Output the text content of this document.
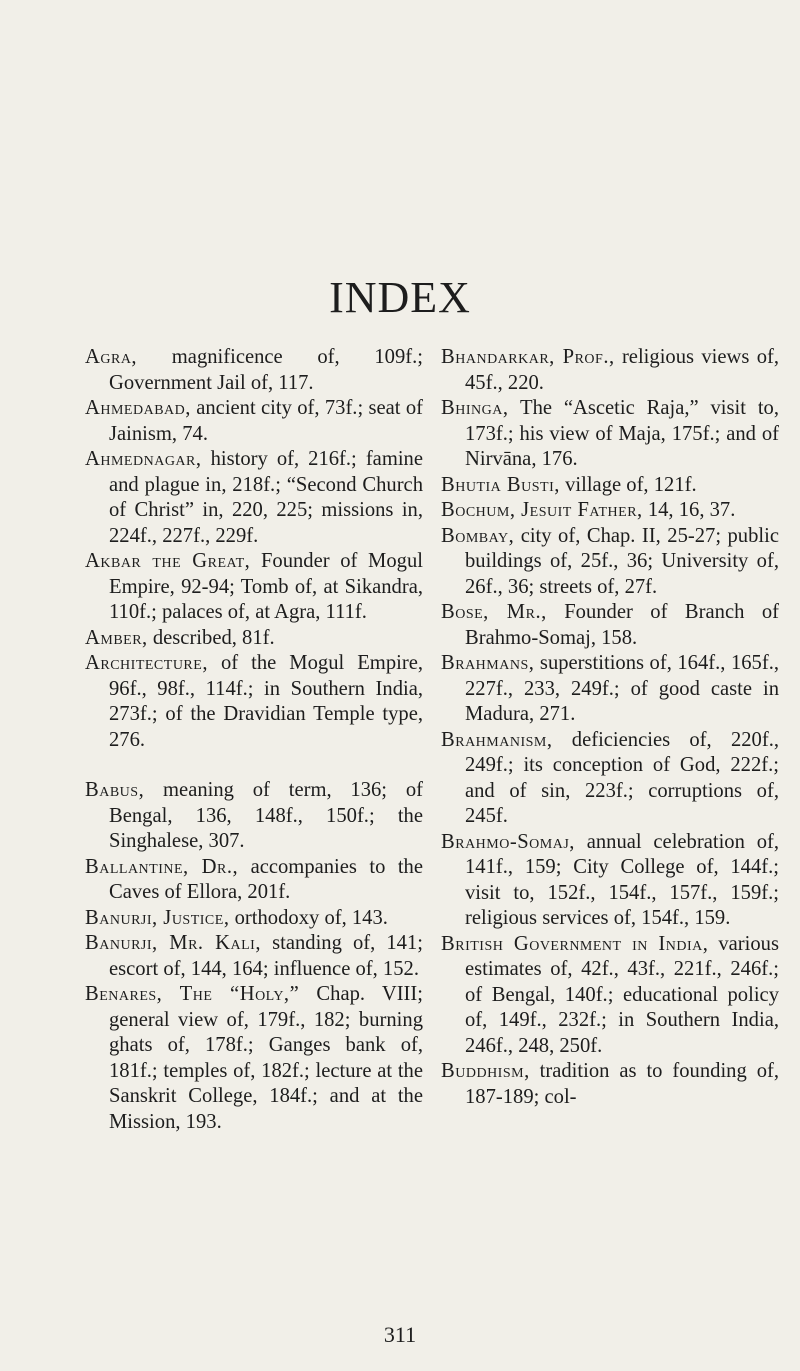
INDEX

Agra, magnificence of, 109f.; Government Jail of, 117.

Ahmedabad, ancient city of, 73f.; seat of Jainism, 74.

Ahmednagar, history of, 216f.; famine and plague in, 218f.; “Second Church of Christ” in, 220, 225; missions in, 224f., 227f., 229f.

Akbar the Great, Founder of Mogul Empire, 92-94; Tomb of, at Sikandra, 110f.; palaces of, at Agra, 111f.

Amber, described, 81f.

Architecture, of the Mogul Empire, 96f., 98f., 114f.; in Southern India, 273f.; of the Dravidian Temple type, 276.

Babus, meaning of term, 136; of Bengal, 136, 148f., 150f.; the Singhalese, 307.

Ballantine, Dr., accompanies to the Caves of Ellora, 201f.

Banurji, Justice, orthodoxy of, 143.

Banurji, Mr. Kali, standing of, 141; escort of, 144, 164; influence of, 152.

Benares, The “Holy,” Chap. VIII; general view of, 179f., 182; burning ghats of, 178f.; Ganges bank of, 181f.; temples of, 182f.; lecture at the Sanskrit College, 184f.; and at the Mission, 193.

Bhandarkar, Prof., religious views of, 45f., 220.

Bhinga, The “Ascetic Raja,” visit to, 173f.; his view of Maja, 175f.; and of Nirvāna, 176.

Bhutia Busti, village of, 121f.

Bochum, Jesuit Father, 14, 16, 37.

Bombay, city of, Chap. II, 25-27; public buildings of, 25f., 36; University of, 26f., 36; streets of, 27f.

Bose, Mr., Founder of Branch of Brahmo-Somaj, 158.

Brahmans, superstitions of, 164f., 165f., 227f., 233, 249f.; of good caste in Madura, 271.

Brahmanism, deficiencies of, 220f., 249f.; its conception of God, 222f.; and of sin, 223f.; corruptions of, 245f.

Brahmo-Somaj, annual celebration of, 141f., 159; City College of, 144f.; visit to, 152f., 154f., 157f., 159f.; religious services of, 154f., 159.

British Government in India, various estimates of, 42f., 43f., 221f., 246f.; of Bengal, 140f.; educational policy of, 149f., 232f.; in Southern India, 246f., 248, 250f.

Buddhism, tradition as to founding of, 187-189; col-

311
